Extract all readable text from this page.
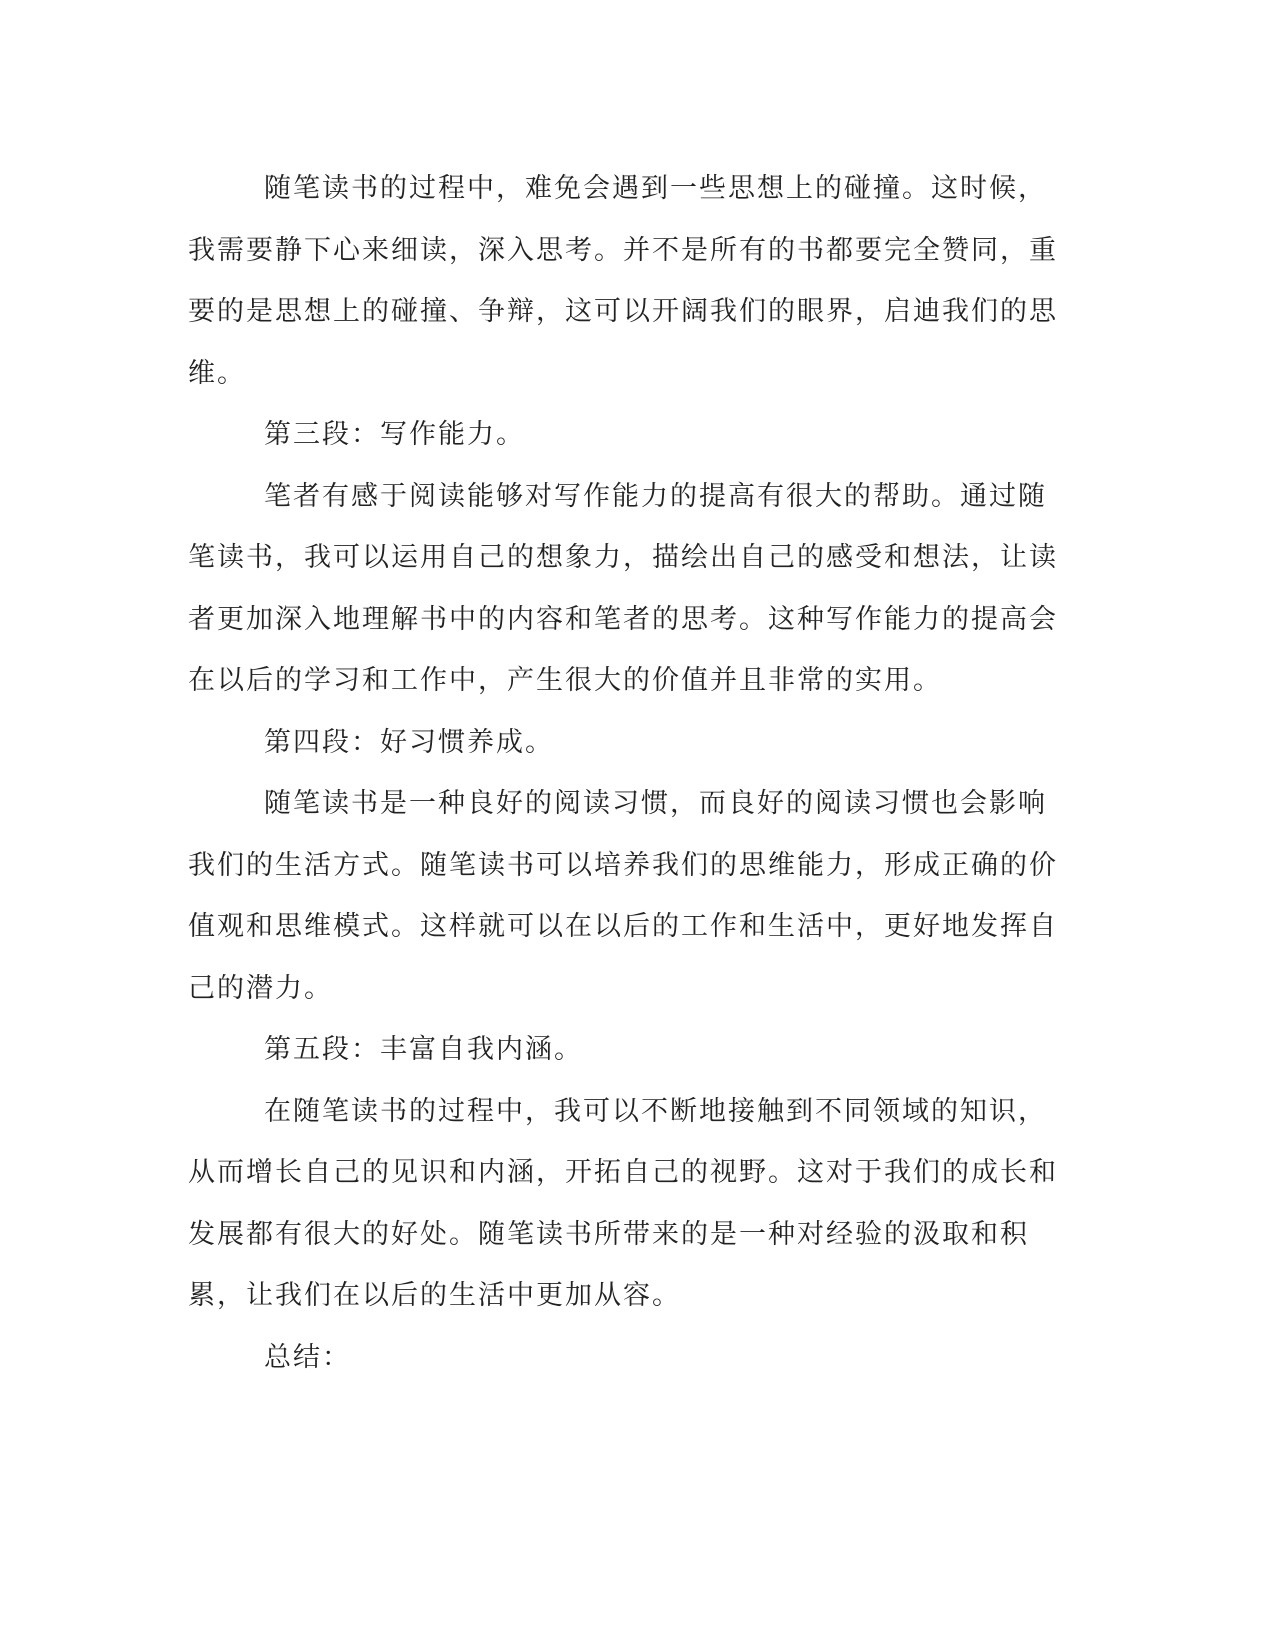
随笔读书的过程中，难免会遇到一些思想上的碰撞。这时候，我需要静下心来细读，深入思考。并不是所有的书都要完全赞同，重要的是思想上的碰撞、争辩，这可以开阔我们的眼界，启迪我们的思维。

第三段：写作能力。

笔者有感于阅读能够对写作能力的提高有很大的帮助。通过随笔读书，我可以运用自己的想象力，描绘出自己的感受和想法，让读者更加深入地理解书中的内容和笔者的思考。这种写作能力的提高会在以后的学习和工作中，产生很大的价值并且非常的实用。

第四段：好习惯养成。

随笔读书是一种良好的阅读习惯，而良好的阅读习惯也会影响我们的生活方式。随笔读书可以培养我们的思维能力，形成正确的价值观和思维模式。这样就可以在以后的工作和生活中，更好地发挥自己的潜力。

第五段：丰富自我内涵。

在随笔读书的过程中，我可以不断地接触到不同领域的知识，从而增长自己的见识和内涵，开拓自己的视野。这对于我们的成长和发展都有很大的好处。随笔读书所带来的是一种对经验的汲取和积累，让我们在以后的生活中更加从容。

总结：
